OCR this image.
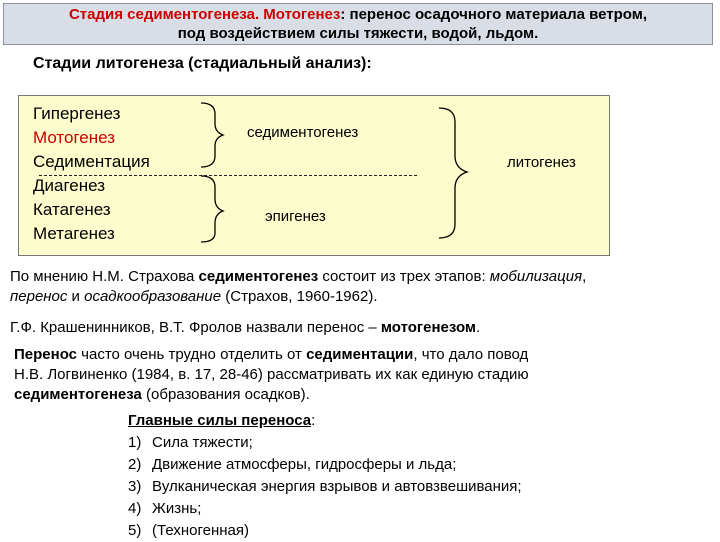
Стадия седиментогенеза. Мотогенез: перенос осадочного материала ветром,
под воздействием силы тяжести, водой, льдом.
Стадии литогенеза (стадиальный анализ):
Гипергенез
Мотогенез
Седиментация
Диагенез
Катагенез
Метагенез
седиментогенез
эпигенез
литогенез
По мнению Н.М. Страхова седиментогенез состоит из трех этапов: мобилизация,
перенос и осадкообразование (Страхов, 1960-1962).
Г.Ф. Крашенинников, В.Т. Фролов назвали перенос – мотогенезом.
Перенос часто очень трудно отделить от седиментации, что дало повод
Н.В. Логвиненко (1984, в. 17, 28-46) рассматривать их как единую стадию
седиментогенеза (образования осадков).
Главные силы переноса:
1) Сила тяжести;
2) Движение атмосферы, гидросферы и льда;
3) Вулканическая энергия взрывов и автовзвешивания;
4) Жизнь;
5) (Техногенная)
